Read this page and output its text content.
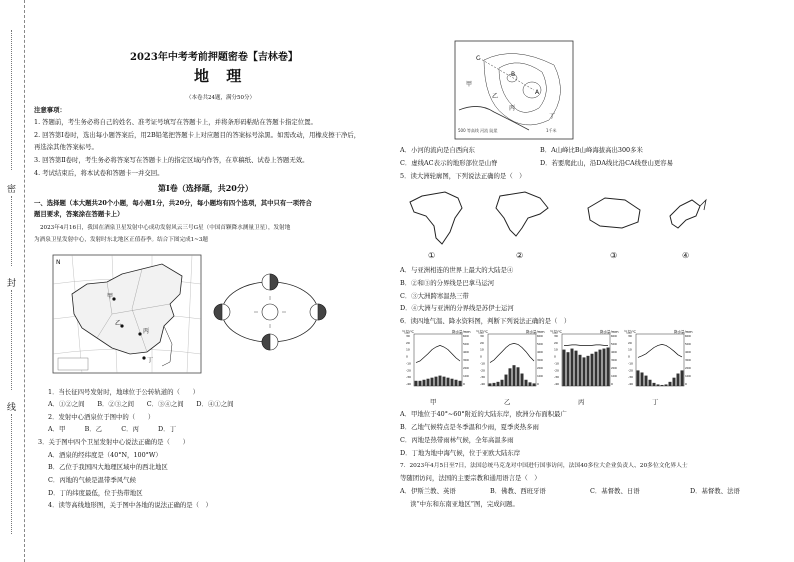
密
封
线
2023年中考考前押题密卷【吉林卷】
地 理
（本卷共24题，满分50分）
注意事项：
1. 答题前，考生务必将自己的姓名、准考证号填写在答题卡上，并将条形码粘贴在答题卡指定位置。
2. 回答第Ⅰ卷时，选出每小题答案后，用2B铅笔把答题卡上对应题目的答案标号涂黑。如需改动，用橡皮擦干净后，
再选涂其他答案标号。
3. 回答第Ⅱ卷时，考生务必将答案写在答题卡上的指定区域内作答，在草稿纸、试卷上答题无效。
4. 考试结束后，将本试卷和答题卡一并交回。
第Ⅰ卷（选择题，共20分）
一、选择题（本大题共20个小题，每小题1分，共20分，每小题均有四个选项，其中只有一项符合
题目要求，答案涂在答题卡上）
2023年4月16日，我国在酒泉卫星发射中心成功发射风云三号G星（中国首颗降水测量卫星），发射地
为酒泉卫星发射中心，发射时东北地区正值春季。结合下图完成1~3题
甲
乙
丙
丁
N
1．当长征四号发射时，地球位于公转轨道的（　　）
A．①②之间　　B．②③之间　　C．③④之间　　D．④①之间
2．发射中心酒泉位于图中的（　　）
A．甲　　　B．乙　　　C．丙　　　D．丁
3．关于图中四个卫星发射中心说法正确的是（　　）
A．酒泉的经纬度是（40°N，100°W）
B．乙位于我国四大地理区域中的西北地区
C．丙地的气候是温带季风气候
D．丁的纬度最低，位于热带地区
4．读等高线地形图，关于图中各地的说法正确的是（　）
甲
A
B
C
乙
丙
丁
500 等高线 河流 陡崖	1千米
A．小河的流向是自西向东	B．A山峰比B山峰海拔高出300多米
C．虚线AC表示的地形部位是山脊	D．若要爬此山，沿DA线比沿CA线登山更容易
5．读大洲轮廓图，下列说法正确的是（　）
①	②	③	④
A．与亚洲相连的世界上最大的大陆是④
B．②和③的分界线是巴拿马运河
C．③大洲跨寒温热三带
D．④大洲与亚洲的分界线是苏伊士运河
6．读四地气温、降水资料图，判断下列说法正确的是（　）
气温/℃	降水量/mm
30
20
10
0
-10
-20
-30
-40
600
500
400
300
200
100
0
气温/℃	降水量/mm
30
20
10
0
-10
-20
-30
-40
600
500
400
300
200
100
0
气温/℃	降水量/mm
30
20
10
0
-10
-20
-30
-40
600
500
400
300
200
100
0
气温/℃	降水量/mm
30
20
10
0
-10
-20
-30
-40
600
500
400
300
200
100
0
甲	乙	丙	丁
A．甲地位于40°~60°附近的大陆东岸，欧洲分布面积最广
B．乙地气候特点是冬季温和少雨，夏季炎热多雨
C．丙地是热带雨林气候，全年高温多雨
D．丁地为地中海气候，位于亚欧大陆东岸
7．2023年4月5日至7日，法国总统马克龙对中国进行国事访问，法国40多位大企业负责人、20多位文化界人士
等随团访问，法国的主要宗教和通用语言是（　）
A．伊斯兰教、英语	B．佛教、西班牙语	C．基督教、日语	D．基督教、法语
读“中东和东南亚地区”图，完成问题。
